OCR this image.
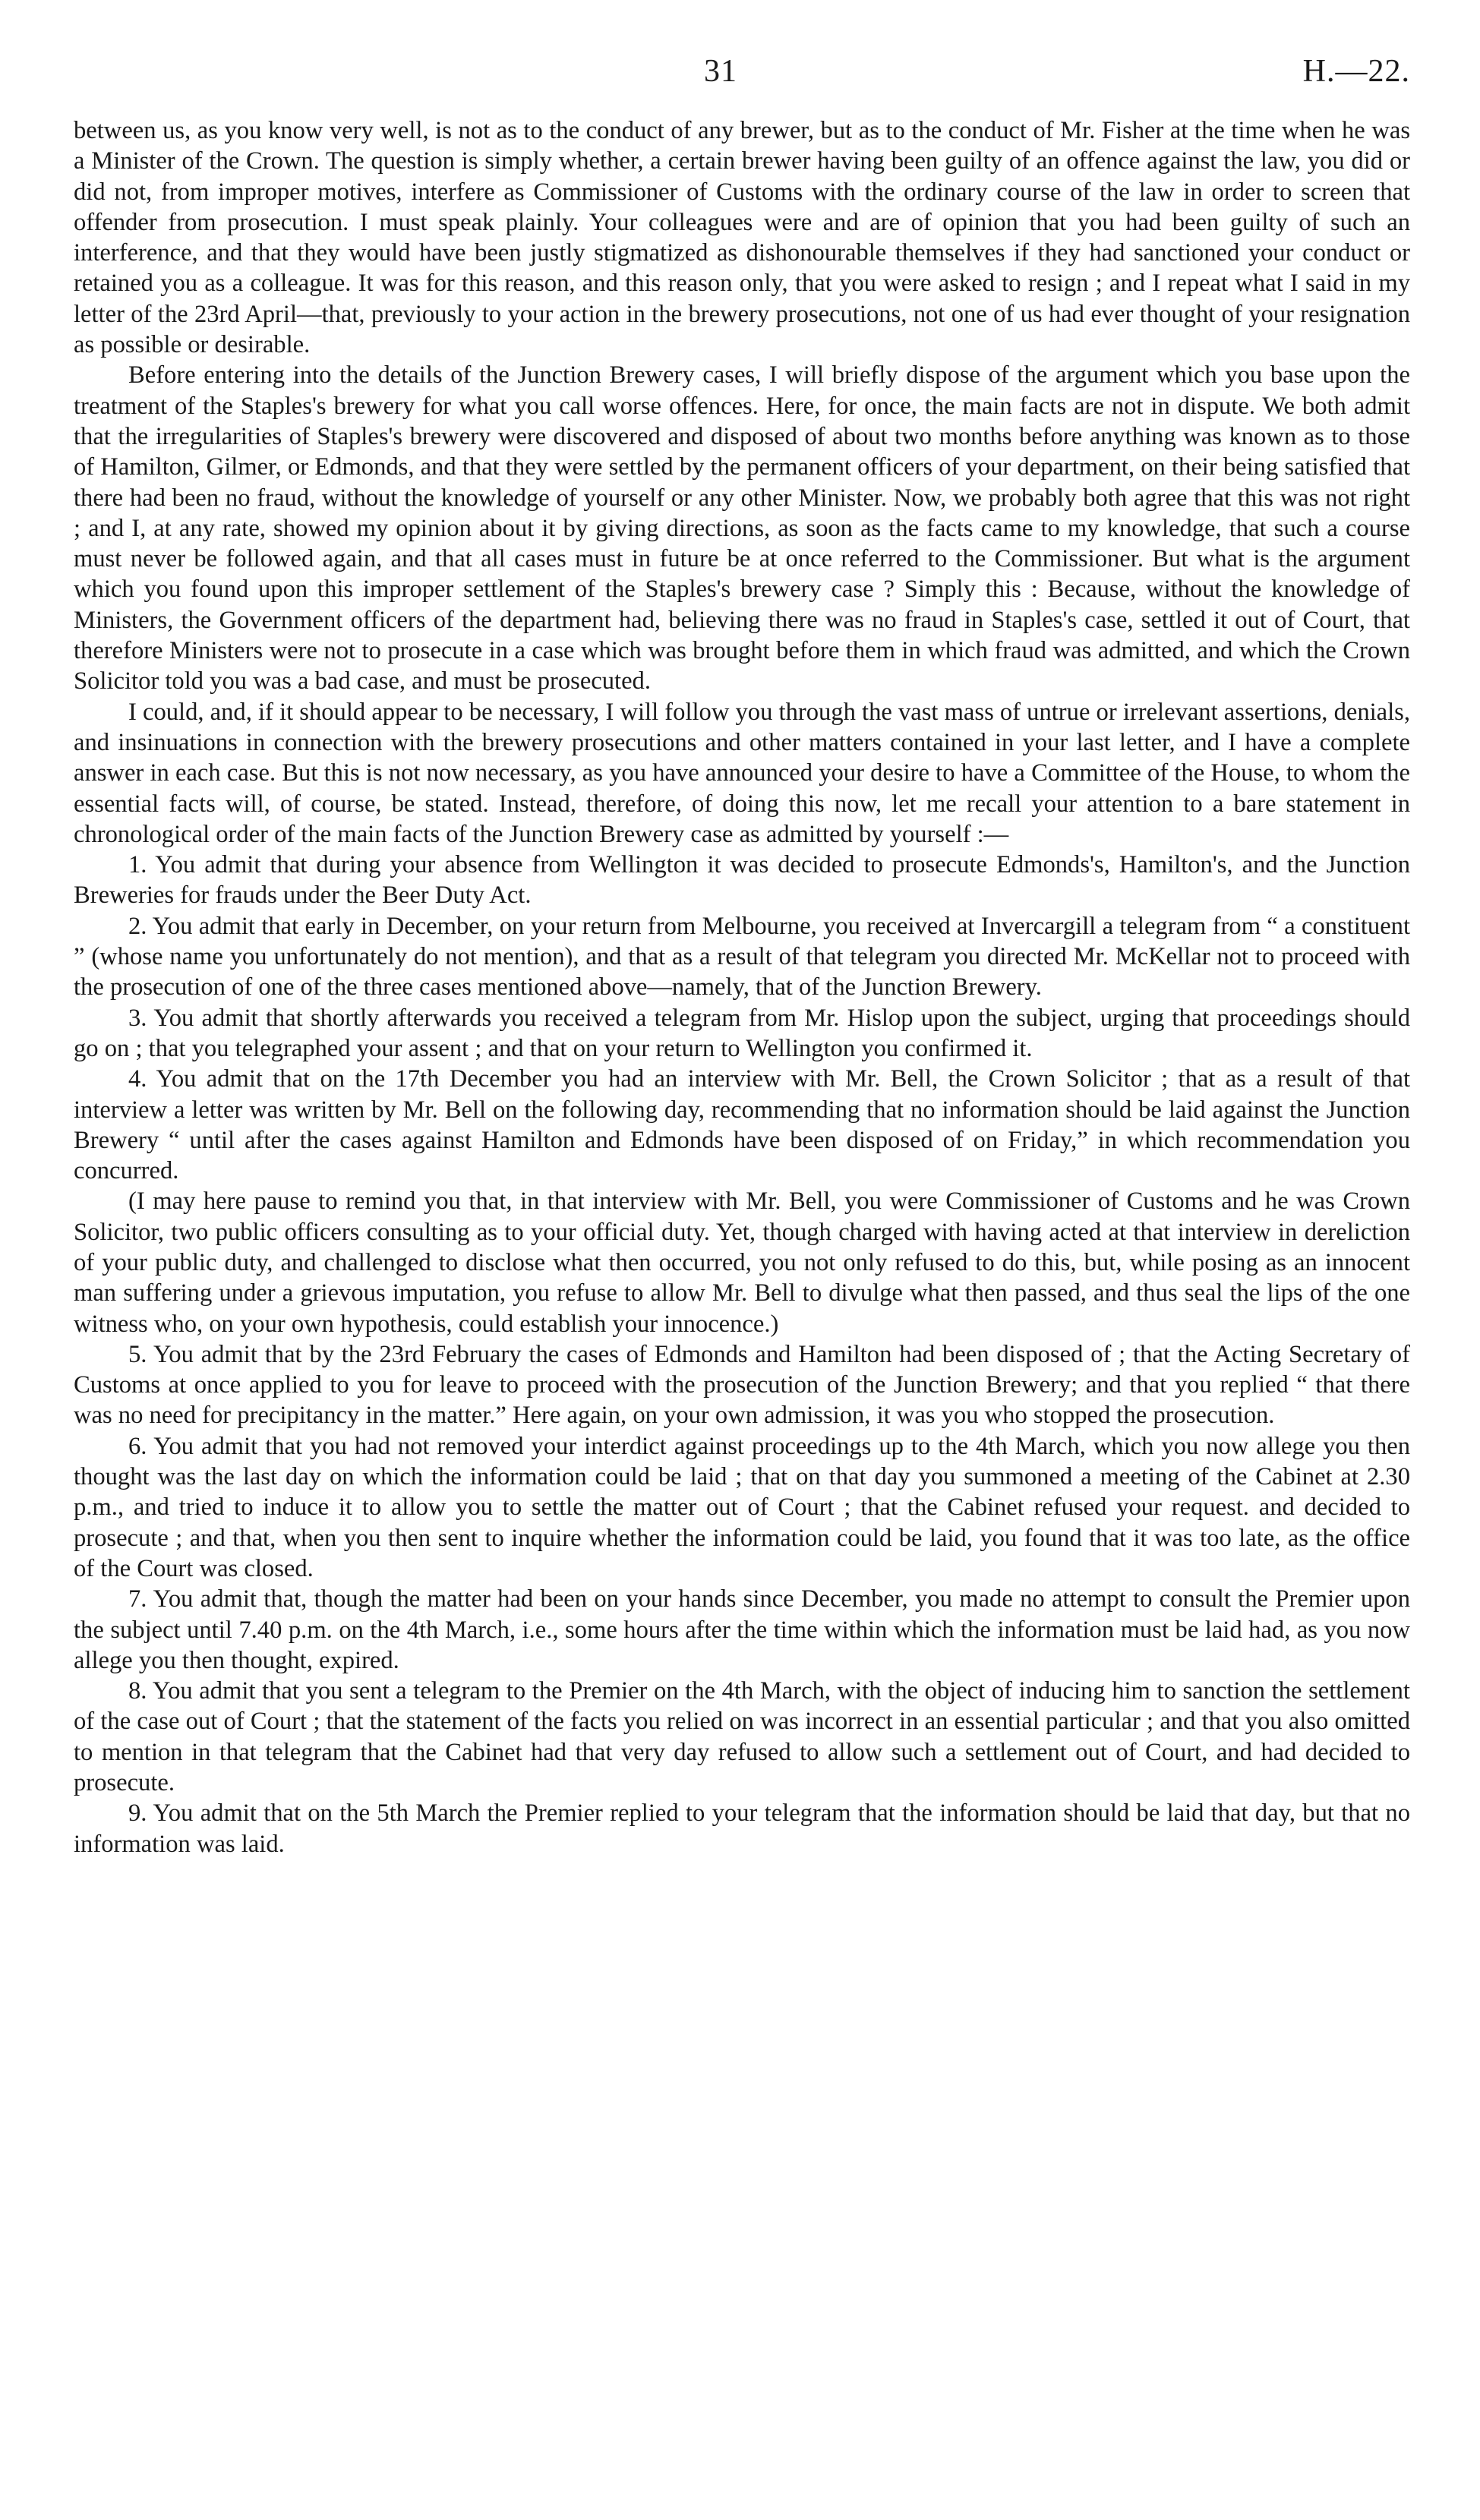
31	H.—22.

between us, as you know very well, is not as to the conduct of any brewer, but as to the conduct of Mr. Fisher at the time when he was a Minister of the Crown. The question is simply whether, a certain brewer having been guilty of an offence against the law, you did or did not, from improper motives, interfere as Commissioner of Customs with the ordinary course of the law in order to screen that offender from prosecution. I must speak plainly. Your colleagues were and are of opinion that you had been guilty of such an interference, and that they would have been justly stigmatized as dishonourable themselves if they had sanctioned your conduct or retained you as a colleague. It was for this reason, and this reason only, that you were asked to resign ; and I repeat what I said in my letter of the 23rd April—that, previously to your action in the brewery prosecutions, not one of us had ever thought of your resignation as possible or desirable.

Before entering into the details of the Junction Brewery cases, I will briefly dispose of the argument which you base upon the treatment of the Staples's brewery for what you call worse offences. Here, for once, the main facts are not in dispute. We both admit that the irregularities of Staples's brewery were discovered and disposed of about two months before anything was known as to those of Hamilton, Gilmer, or Edmonds, and that they were settled by the permanent officers of your department, on their being satisfied that there had been no fraud, without the knowledge of yourself or any other Minister. Now, we probably both agree that this was not right ; and I, at any rate, showed my opinion about it by giving directions, as soon as the facts came to my knowledge, that such a course must never be followed again, and that all cases must in future be at once referred to the Commissioner. But what is the argument which you found upon this improper settlement of the Staples's brewery case ? Simply this : Because, without the knowledge of Ministers, the Government officers of the department had, believing there was no fraud in Staples's case, settled it out of Court, that therefore Ministers were not to prosecute in a case which was brought before them in which fraud was admitted, and which the Crown Solicitor told you was a bad case, and must be prosecuted.

I could, and, if it should appear to be necessary, I will follow you through the vast mass of untrue or irrelevant assertions, denials, and insinuations in connection with the brewery prosecutions and other matters contained in your last letter, and I have a complete answer in each case. But this is not now necessary, as you have announced your desire to have a Committee of the House, to whom the essential facts will, of course, be stated. Instead, therefore, of doing this now, let me recall your attention to a bare statement in chronological order of the main facts of the Junction Brewery case as admitted by yourself :—

1. You admit that during your absence from Wellington it was decided to prosecute Edmonds's, Hamilton's, and the Junction Breweries for frauds under the Beer Duty Act.

2. You admit that early in December, on your return from Melbourne, you received at Invercargill a telegram from “ a constituent ” (whose name you unfortunately do not mention), and that as a result of that telegram you directed Mr. McKellar not to proceed with the prosecution of one of the three cases mentioned above—namely, that of the Junction Brewery.

3. You admit that shortly afterwards you received a telegram from Mr. Hislop upon the subject, urging that proceedings should go on ; that you telegraphed your assent ; and that on your return to Wellington you confirmed it.

4. You admit that on the 17th December you had an interview with Mr. Bell, the Crown Solicitor ; that as a result of that interview a letter was written by Mr. Bell on the following day, recommending that no information should be laid against the Junction Brewery “ until after the cases against Hamilton and Edmonds have been disposed of on Friday,” in which recommendation you concurred.

(I may here pause to remind you that, in that interview with Mr. Bell, you were Commissioner of Customs and he was Crown Solicitor, two public officers consulting as to your official duty. Yet, though charged with having acted at that interview in dereliction of your public duty, and challenged to disclose what then occurred, you not only refused to do this, but, while posing as an innocent man suffering under a grievous imputation, you refuse to allow Mr. Bell to divulge what then passed, and thus seal the lips of the one witness who, on your own hypothesis, could establish your innocence.)

5. You admit that by the 23rd February the cases of Edmonds and Hamilton had been disposed of ; that the Acting Secretary of Customs at once applied to you for leave to proceed with the prosecution of the Junction Brewery; and that you replied “ that there was no need for precipitancy in the matter.” Here again, on your own admission, it was you who stopped the prosecution.

6. You admit that you had not removed your interdict against proceedings up to the 4th March, which you now allege you then thought was the last day on which the information could be laid ; that on that day you summoned a meeting of the Cabinet at 2.30 p.m., and tried to induce it to allow you to settle the matter out of Court ; that the Cabinet refused your request. and decided to prosecute ; and that, when you then sent to inquire whether the information could be laid, you found that it was too late, as the office of the Court was closed.

7. You admit that, though the matter had been on your hands since December, you made no attempt to consult the Premier upon the subject until 7.40 p.m. on the 4th March, i.e., some hours after the time within which the information must be laid had, as you now allege you then thought, expired.

8. You admit that you sent a telegram to the Premier on the 4th March, with the object of inducing him to sanction the settlement of the case out of Court ; that the statement of the facts you relied on was incorrect in an essential particular ; and that you also omitted to mention in that telegram that the Cabinet had that very day refused to allow such a settlement out of Court, and had decided to prosecute.

9. You admit that on the 5th March the Premier replied to your telegram that the information should be laid that day, but that no information was laid.
